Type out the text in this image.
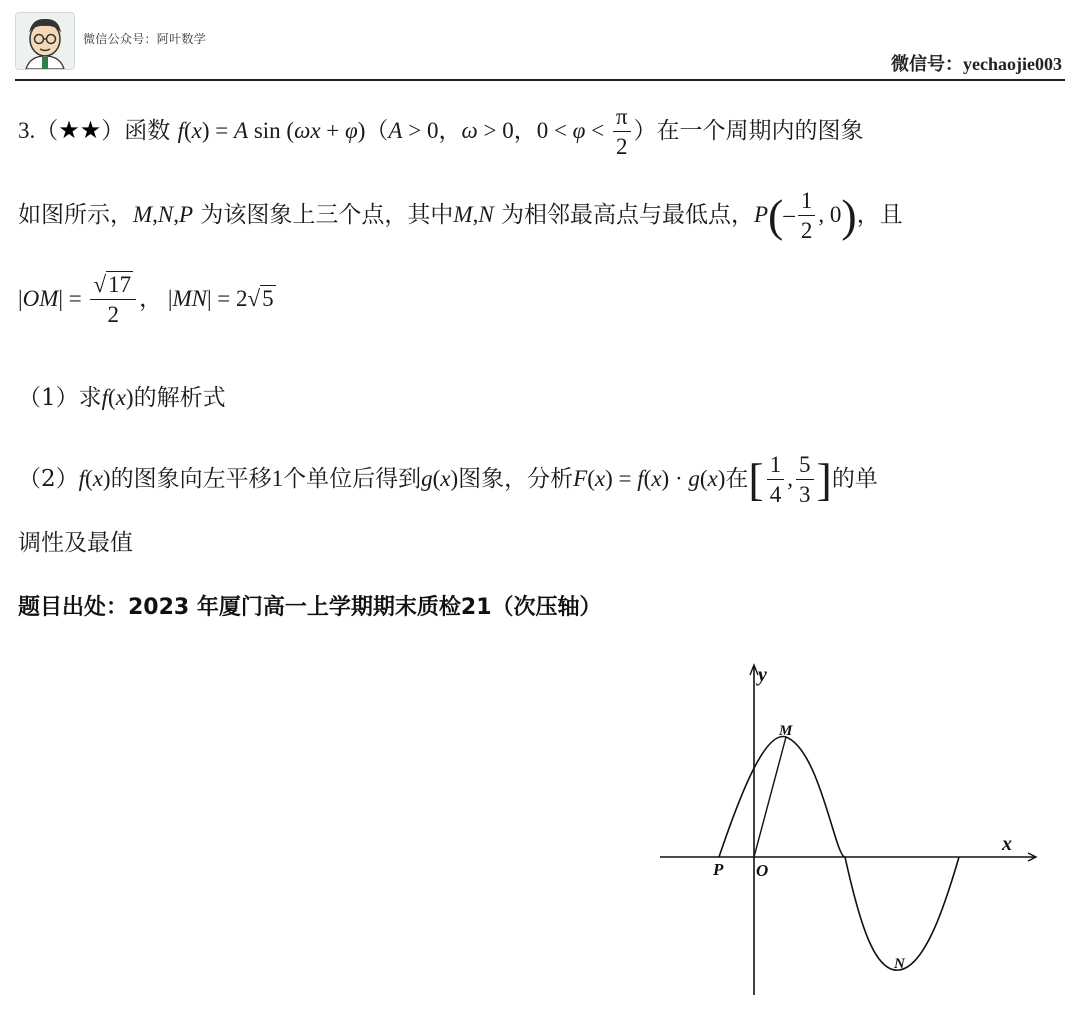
微信公众号：阿叶数学
微信号：yechaojie003
3.（★★）函数 f(x) = A sin (ωx + φ)（A > 0，ω > 0，$0 < \varphi < \frac{\pi}{2}$ ）在一个周期内的图象
如图所示，M,N,P 为该图象上三个点，其中M,N 为相邻最高点与最低点，$P(- \frac{1}{2}$ , 0)，且
$|OM| = \frac{√17}{2}$ ， |MN| = 2√5
（1）求f(x)的解析式
（2）f(x)的图象向左平移1个单位后得到g(x)图象，分析F(x) = f(x) · g(x)在[ $\frac{1}{4}$ , $\frac{5}{3}$ ]的单
调性及最值
题目出处：2023 年厦门高一上学期期末质检21（次压轴）
y
x
M
N
P O
